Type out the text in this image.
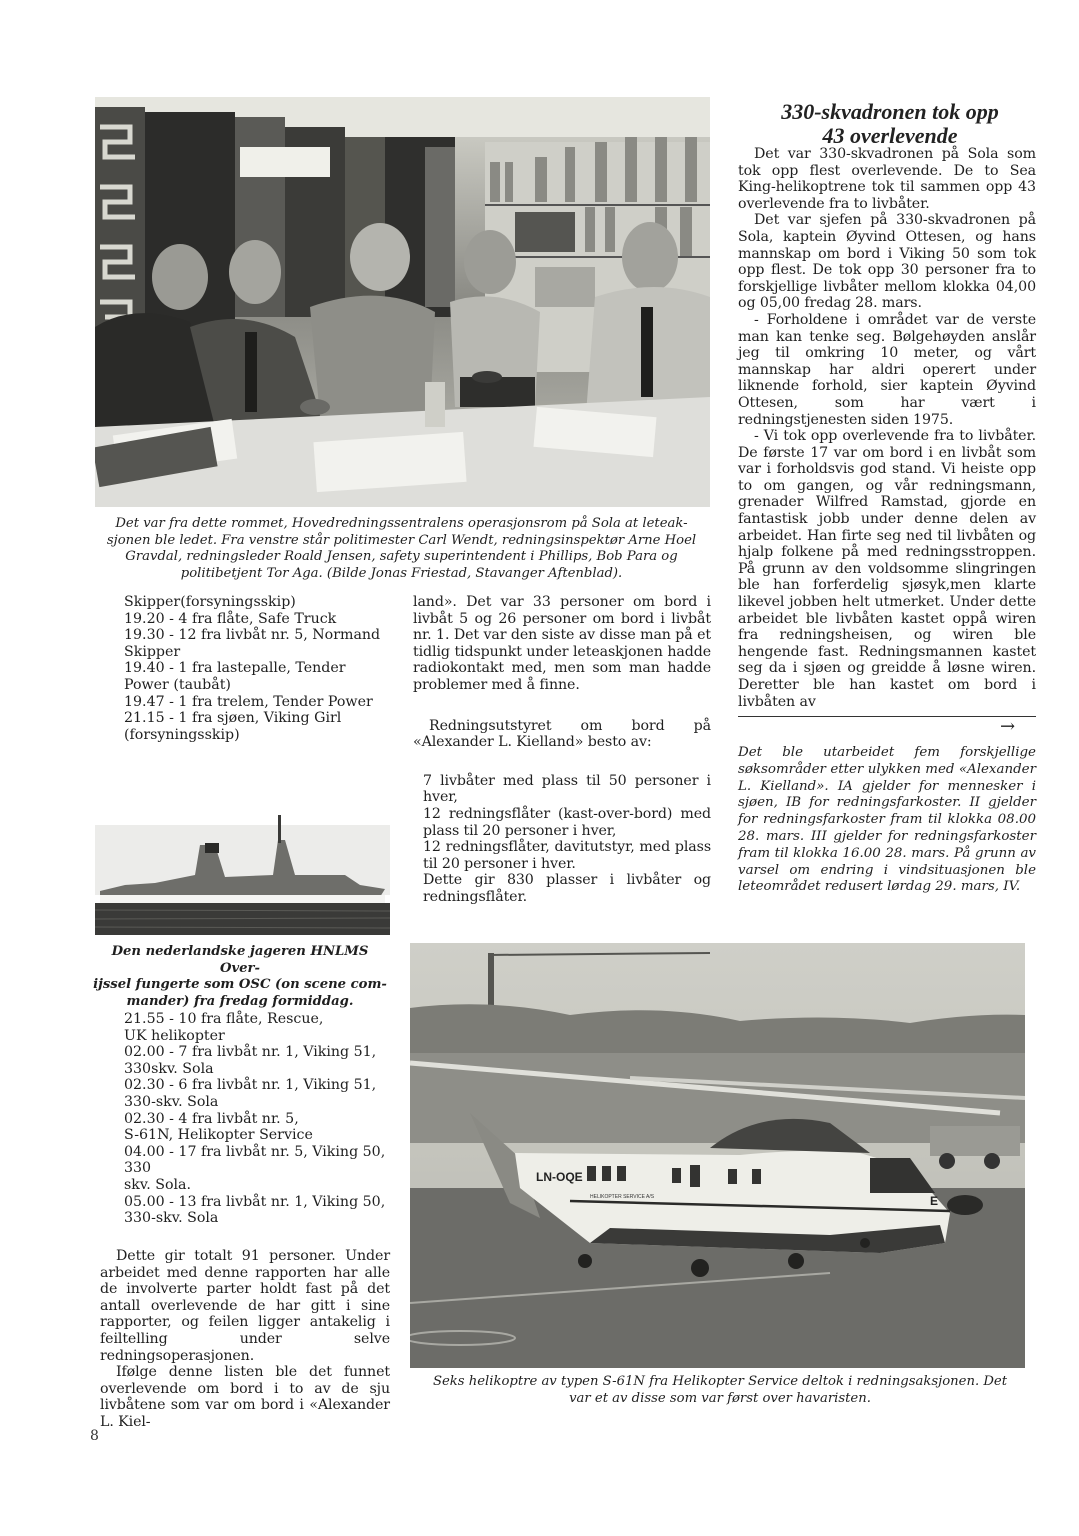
Det var fra dette rommet, Hovedredningssentralens operasjonsrom på Sola at leteak-
sjonen ble ledet. Fra venstre står politimester Carl Wendt, redningsinspektør Arne Hoel
Gravdal, redningsleder Roald Jensen, safety superintendent i Phillips, Bob Para og
politibetjent Tor Aga. (Bilde Jonas Friestad, Stavanger Aftenblad).
330-skvadronen tok opp
43 overlevende

Det var 330-skvadronen på Sola som tok opp flest overlevende. De to Sea King-helikoptrene tok til sammen opp 43 overlevende fra to livbåter.

Det var sjefen på 330-skvadronen på Sola, kaptein Øyvind Ottesen, og hans mannskap om bord i Viking 50 som tok opp flest. De tok opp 30 personer fra to forskjellige livbåter mellom klokka 04,00 og 05,00 fredag 28. mars.

- Forholdene i området var de verste man kan tenke seg. Bølgehøyden anslår jeg til omkring 10 meter, og vårt mannskap har aldri operert under liknende forhold, sier kaptein Øyvind Ottesen, som har vært i redningstjenesten siden 1975.

- Vi tok opp overlevende fra to livbåter. De første 17 var om bord i en livbåt som var i forholdsvis god stand. Vi heiste opp to om gangen, og vår redningsmann, grenader Wilfred Ramstad, gjorde en fantastisk jobb under denne delen av arbeidet. Han firte seg ned til livbåten og hjalp folkene på med redningsstroppen. På grunn av den voldsomme slingringen ble han forferdelig sjøsyk,men klarte likevel jobben helt utmerket. Under dette arbeidet ble livbåten kastet oppå wiren fra redningsheisen, og wiren ble hengende fast. Redningsmannen kastet seg da i sjøen og greidde å løsne wiren. Deretter ble han kastet om bord i livbåten av

→
Det ble utarbeidet fem forskjellige søksområder etter ulykken med «Alexander L. Kielland». IA gjelder for mennesker i sjøen, IB for redningsfarkoster. II gjelder for redningsfarkoster fram til klokka 08.00 28. mars. III gjelder for redningsfarkoster fram til klokka 16.00 28. mars. På grunn av varsel om endring i vindsituasjonen ble leteområdet redusert lørdag 29. mars, IV.
Skipper(forsyningsskip)
19.20 - 4 fra flåte, Safe Truck
19.30 - 12 fra livbåt nr. 5, Normand
Skipper
19.40 - 1 fra lastepalle, Tender
Power (taubåt)
19.47 - 1 fra trelem, Tender Power
21.15 - 1 fra sjøen, Viking Girl
(forsyningsskip)
Den nederlandske jageren HNLMS Over-
ijssel fungerte som OSC (on scene com-
mander) fra fredag formiddag.
21.55 - 10 fra flåte, Rescue,
UK helikopter
02.00 - 7 fra livbåt nr. 1, Viking 51,
330skv. Sola
02.30 - 6 fra livbåt nr. 1, Viking 51,
330-skv. Sola
02.30 - 4 fra livbåt nr. 5,
S-61N, Helikopter Service
04.00 - 17 fra livbåt nr. 5, Viking 50,
330
skv. Sola.
05.00 - 13 fra livbåt nr. 1, Viking 50,
330-skv. Sola

Dette gir totalt 91 personer. Under arbeidet med denne rapporten har alle de involverte parter holdt fast på det antall overlevende de har gitt i sine rapporter, og feilen ligger antakelig i feiltelling under selve redningsoperasjonen.

Ifølge denne listen ble det funnet overlevende om bord i to av de sju livbåtene som var om bord i «Alexander L. Kiel-

land». Det var 33 personer om bord i livbåt 5 og 26 personer om bord i livbåt nr. 1. Det var den siste av disse man på et tidlig tidspunkt under leteaskjonen hadde radiokontakt med, men som man hadde problemer med å finne.

Redningsutstyret om bord på «Alexander L. Kielland» besto av:

7 livbåter med plass til 50 personer i hver,

12 redningsflåter (kast-over-bord) med plass til 20 personer i hver,

12 redningsflåter, davitutstyr, med plass til 20 personer i hver.

Dette gir 830 plasser i livbåter og redningsflåter.

LN-OQE
HELIKOPTER SERVICE A/S	E
Seks helikoptre av typen S-61N fra Helikopter Service deltok i redningsaksjonen. Det
var et av disse som var først over havaristen.
8
